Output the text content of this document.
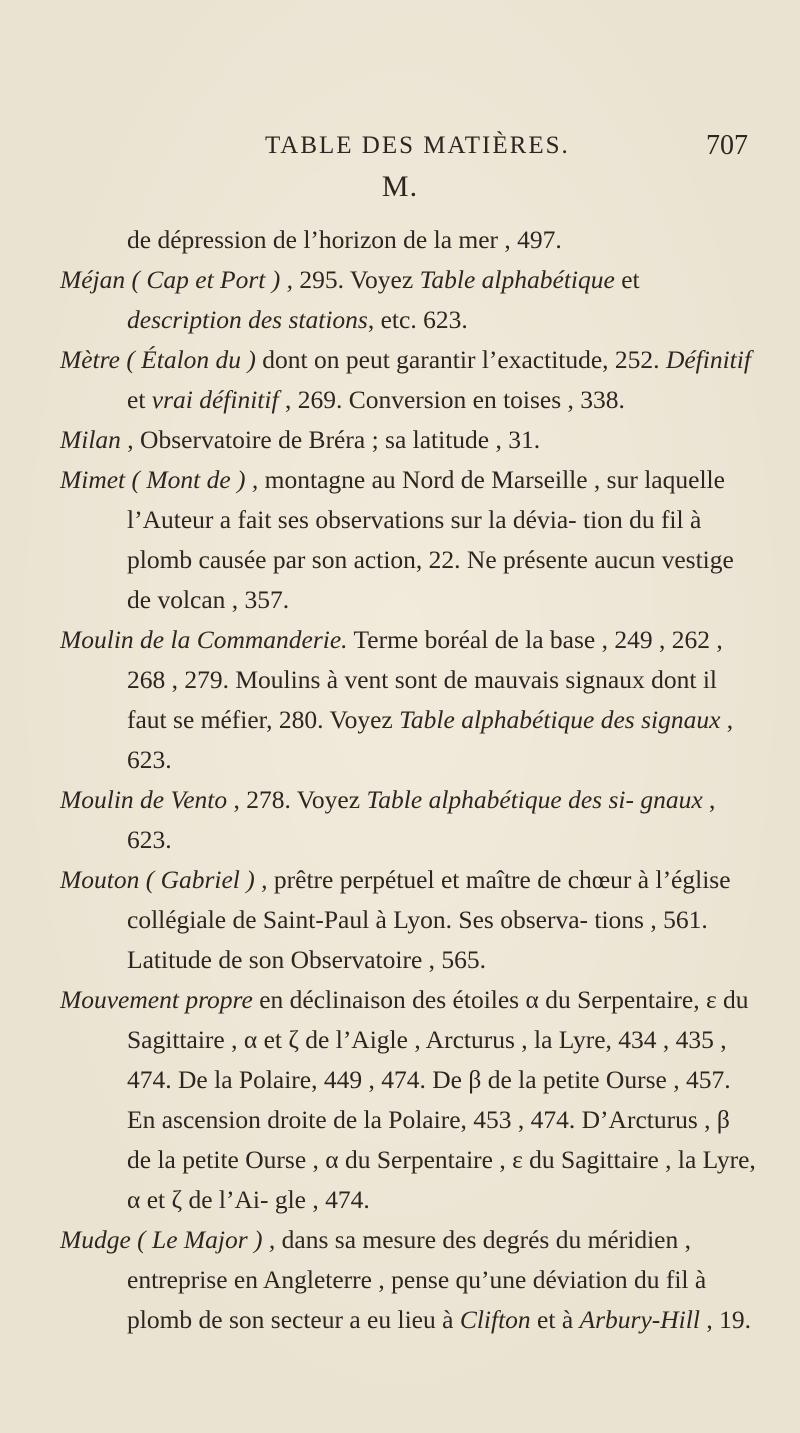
TABLE DES MATIÈRES.	707
M.

de dépression de l’horizon de la mer , 497.

Méjan ( Cap et Port ) , 295. Voyez Table alphabétique et description des stations, etc. 623.

Mètre ( Étalon du ) dont on peut garantir l’exactitude, 252. Définitif et vrai définitif , 269. Conversion en toises , 338.

Milan , Observatoire de Bréra ; sa latitude , 31.

Mimet ( Mont de ) , montagne au Nord de Marseille , sur laquelle l’Auteur a fait ses observations sur la dévia- tion du fil à plomb causée par son action, 22. Ne présente aucun vestige de volcan , 357.

Moulin de la Commanderie. Terme boréal de la base , 249 , 262 , 268 , 279. Moulins à vent sont de mauvais signaux dont il faut se méfier, 280. Voyez Table alphabétique des signaux , 623.

Moulin de Vento , 278. Voyez Table alphabétique des si- gnaux , 623.

Mouton ( Gabriel ) , prêtre perpétuel et maître de chœur à l’église collégiale de Saint-Paul à Lyon. Ses observa- tions , 561. Latitude de son Observatoire , 565.

Mouvement propre en déclinaison des étoiles α du Serpentaire, ε du Sagittaire , α et ζ de l’Aigle , Arcturus , la Lyre, 434 , 435 , 474. De la Polaire, 449 , 474. De β de la petite Ourse , 457. En ascension droite de la Polaire, 453 , 474. D’Arcturus , β de la petite Ourse , α du Serpentaire , ε du Sagittaire , la Lyre, α et ζ de l’Ai- gle , 474.

Mudge ( Le Major ) , dans sa mesure des degrés du méridien , entreprise en Angleterre , pense qu’une déviation du fil à plomb de son secteur a eu lieu à Clifton et à Arbury-Hill , 19.
